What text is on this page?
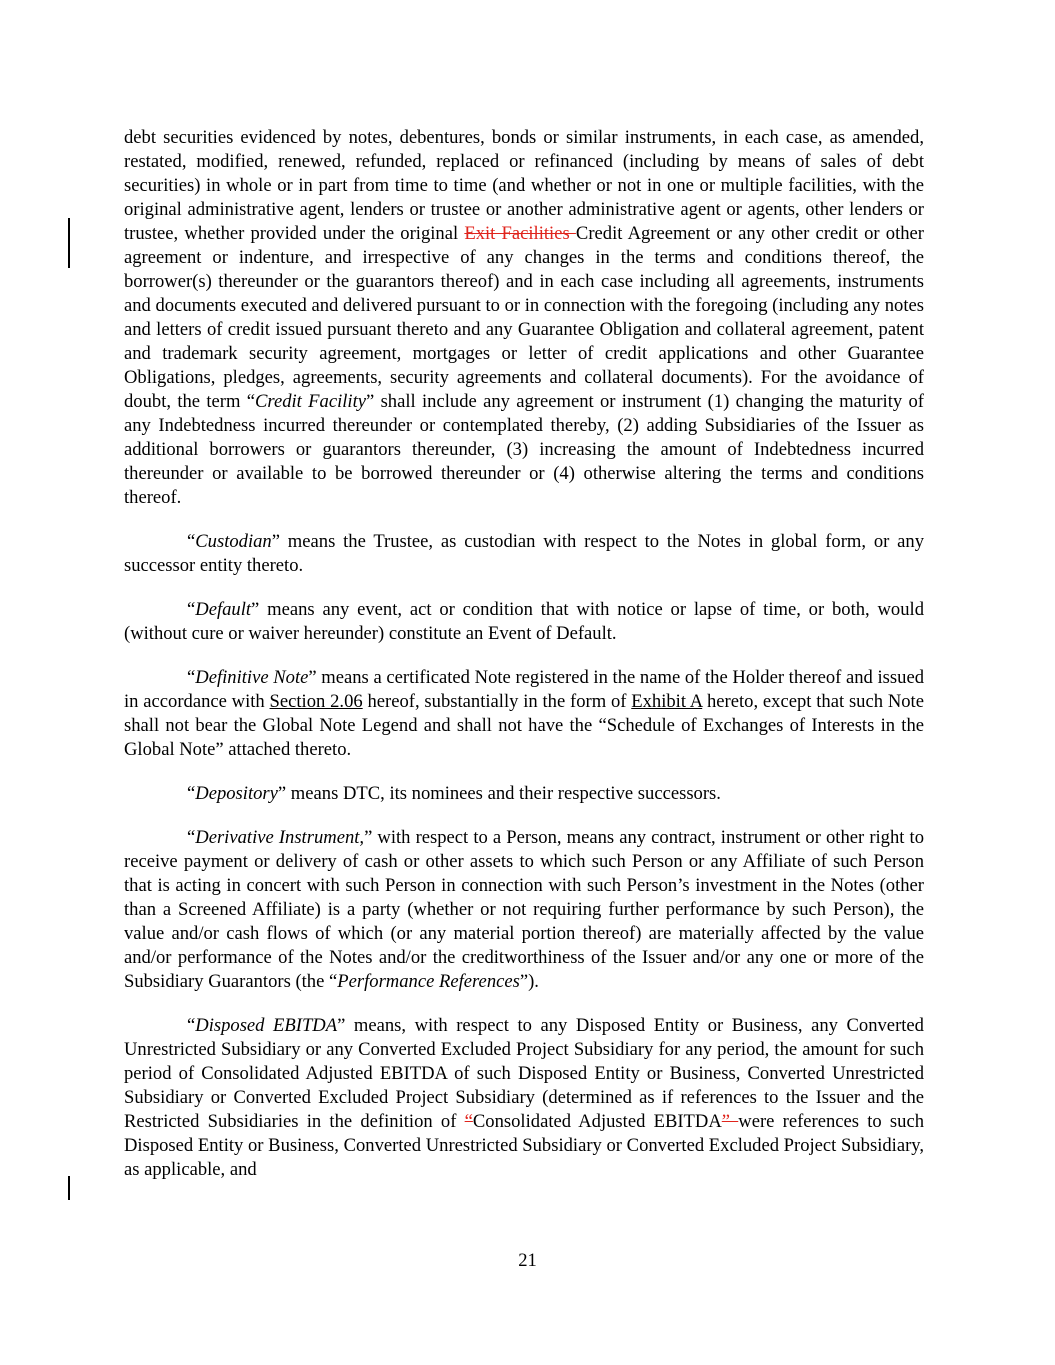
debt securities evidenced by notes, debentures, bonds or similar instruments, in each case, as amended, restated, modified, renewed, refunded, replaced or refinanced (including by means of sales of debt securities) in whole or in part from time to time (and whether or not in one or multiple facilities, with the original administrative agent, lenders or trustee or another administrative agent or agents, other lenders or trustee, whether provided under the original Exit Facilities Credit Agreement or any other credit or other agreement or indenture, and irrespective of any changes in the terms and conditions thereof, the borrower(s) thereunder or the guarantors thereof) and in each case including all agreements, instruments and documents executed and delivered pursuant to or in connection with the foregoing (including any notes and letters of credit issued pursuant thereto and any Guarantee Obligation and collateral agreement, patent and trademark security agreement, mortgages or letter of credit applications and other Guarantee Obligations, pledges, agreements, security agreements and collateral documents). For the avoidance of doubt, the term “Credit Facility” shall include any agreement or instrument (1) changing the maturity of any Indebtedness incurred thereunder or contemplated thereby, (2) adding Subsidiaries of the Issuer as additional borrowers or guarantors thereunder, (3) increasing the amount of Indebtedness incurred thereunder or available to be borrowed thereunder or (4) otherwise altering the terms and conditions thereof.

“Custodian” means the Trustee, as custodian with respect to the Notes in global form, or any successor entity thereto.

“Default” means any event, act or condition that with notice or lapse of time, or both, would (without cure or waiver hereunder) constitute an Event of Default.

“Definitive Note” means a certificated Note registered in the name of the Holder thereof and issued in accordance with Section 2.06 hereof, substantially in the form of Exhibit A hereto, except that such Note shall not bear the Global Note Legend and shall not have the “Schedule of Exchanges of Interests in the Global Note” attached thereto.

“Depository” means DTC, its nominees and their respective successors.

“Derivative Instrument,” with respect to a Person, means any contract, instrument or other right to receive payment or delivery of cash or other assets to which such Person or any Affiliate of such Person that is acting in concert with such Person in connection with such Person’s investment in the Notes (other than a Screened Affiliate) is a party (whether or not requiring further performance by such Person), the value and/or cash flows of which (or any material portion thereof) are materially affected by the value and/or performance of the Notes and/or the creditworthiness of the Issuer and/or any one or more of the Subsidiary Guarantors (the “Performance References”).

“Disposed EBITDA” means, with respect to any Disposed Entity or Business, any Converted Unrestricted Subsidiary or any Converted Excluded Project Subsidiary for any period, the amount for such period of Consolidated Adjusted EBITDA of such Disposed Entity or Business, Converted Unrestricted Subsidiary or Converted Excluded Project Subsidiary (determined as if references to the Issuer and the Restricted Subsidiaries in the definition of “Consolidated Adjusted EBITDA” were references to such Disposed Entity or Business, Converted Unrestricted Subsidiary or Converted Excluded Project Subsidiary, as applicable, and

21
